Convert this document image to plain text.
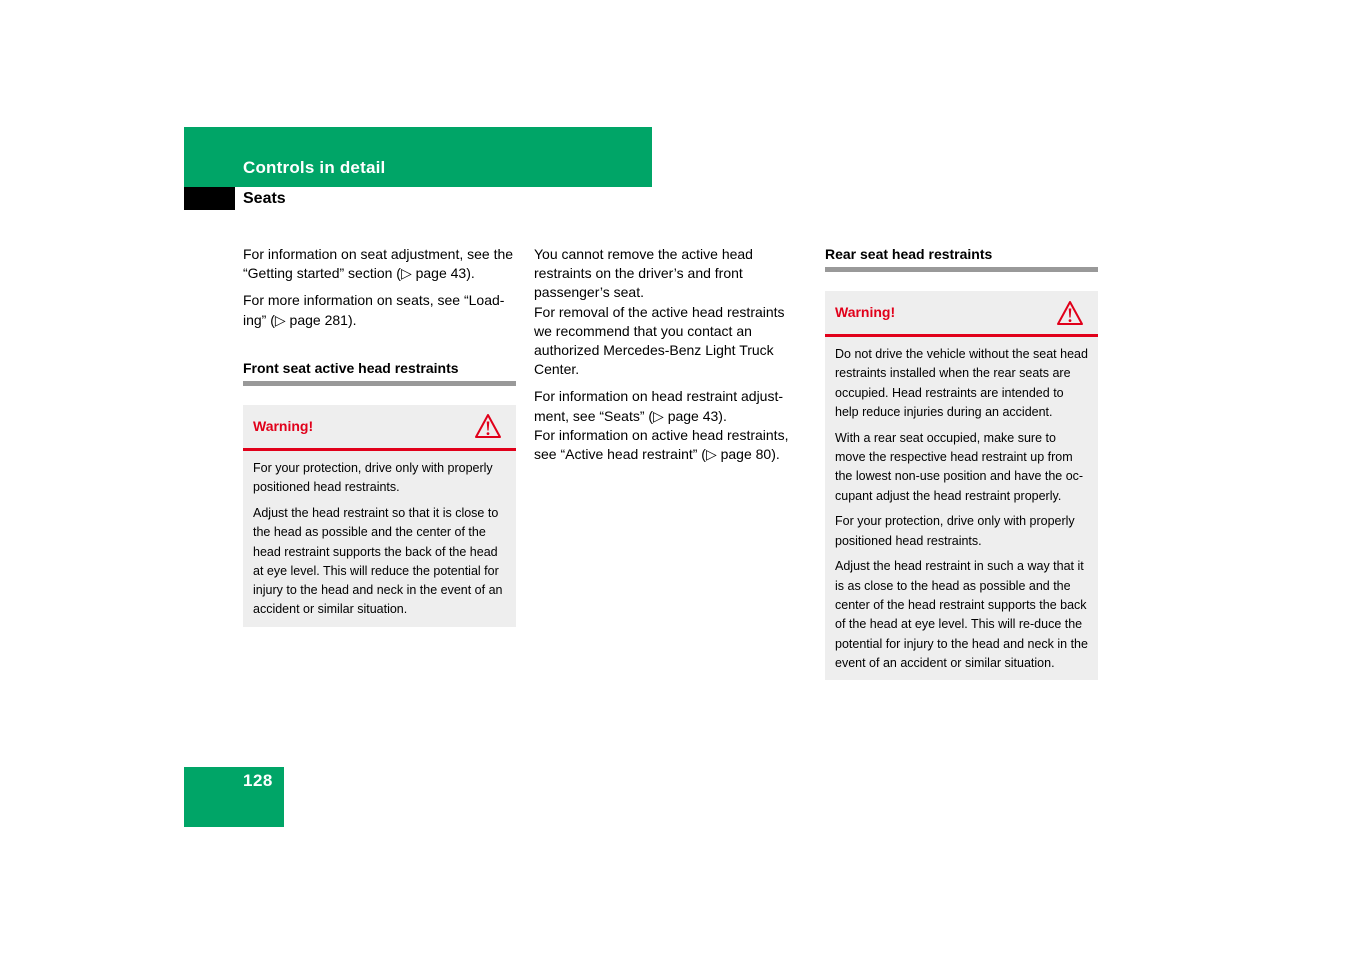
Controls in detail
Seats

For information on seat adjustment, see the “Getting started” section (▷ page 43).

For more information on seats, see “Load-ing” (▷ page 281).

Front seat active head restraints
Warning!

For your protection, drive only with properly positioned head restraints.

Adjust the head restraint so that it is close to the head as possible and the center of the head restraint supports the back of the head at eye level. This will reduce the potential for injury to the head and neck in the event of an accident or similar situation.

You cannot remove the active head restraints on the driver’s and front passenger’s seat.

For removal of the active head restraints we recommend that you contact an authorized Mercedes-Benz Light Truck Center.

For information on head restraint adjust-ment, see “Seats” (▷ page 43).

For information on active head restraints, see “Active head restraint” (▷ page 80).

Rear seat head restraints
Warning!

Do not drive the vehicle without the seat head restraints installed when the rear seats are occupied. Head restraints are intended to help reduce injuries during an accident.

With a rear seat occupied, make sure to move the respective head restraint up from the lowest non-use position and have the oc-cupant adjust the head restraint properly.

For your protection, drive only with properly positioned head restraints.

Adjust the head restraint in such a way that it is as close to the head as possible and the center of the head restraint supports the back of the head at eye level. This will re-duce the potential for injury to the head and neck in the event of an accident or similar situation.

128
